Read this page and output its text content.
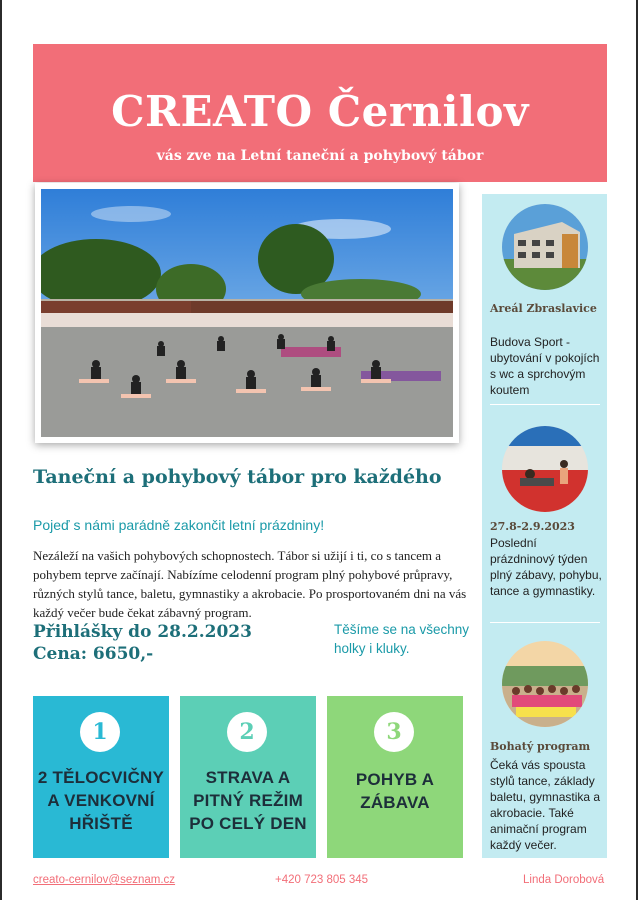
CREATO Černilov
vás zve na Letní taneční a pohybový tábor
Areál Zbraslavice
Budova Sport - ubytování v pokojích s wc a sprchovým koutem
27.8-2.9.2023
Poslední prázdninový týden plný zábavy, pohybu, tance a gymnastiky.
Bohatý program
Čeká vás spousta stylů tance, základy baletu, gymnastika a akrobacie. Také animační program každý večer.
Taneční a pohybový tábor pro každého
Pojeď s námi parádně zakončit letní prázdniny!
Nezáleží na vašich pohybových schopnostech. Tábor si užijí i ti, co s tancem a pohybem teprve začínají. Nabízíme celodenní program plný pohybové průpravy, různých stylů tance, baletu, gymnastiky a akrobacie. Po prosportovaném dni na vás každý večer bude čekat zábavný program.
Přihlášky do 28.2.2023
Cena: 6650,-
Těšíme se na všechny holky i kluky.
1
2 TĚLOCVIČNY A VENKOVNÍ HŘIŠTĚ
2
STRAVA A PITNÝ REŽIM PO CELÝ DEN
3
POHYB A ZÁBAVA
creato-cernilov@seznam.cz	+420 723 805 345	Linda Dorobová
